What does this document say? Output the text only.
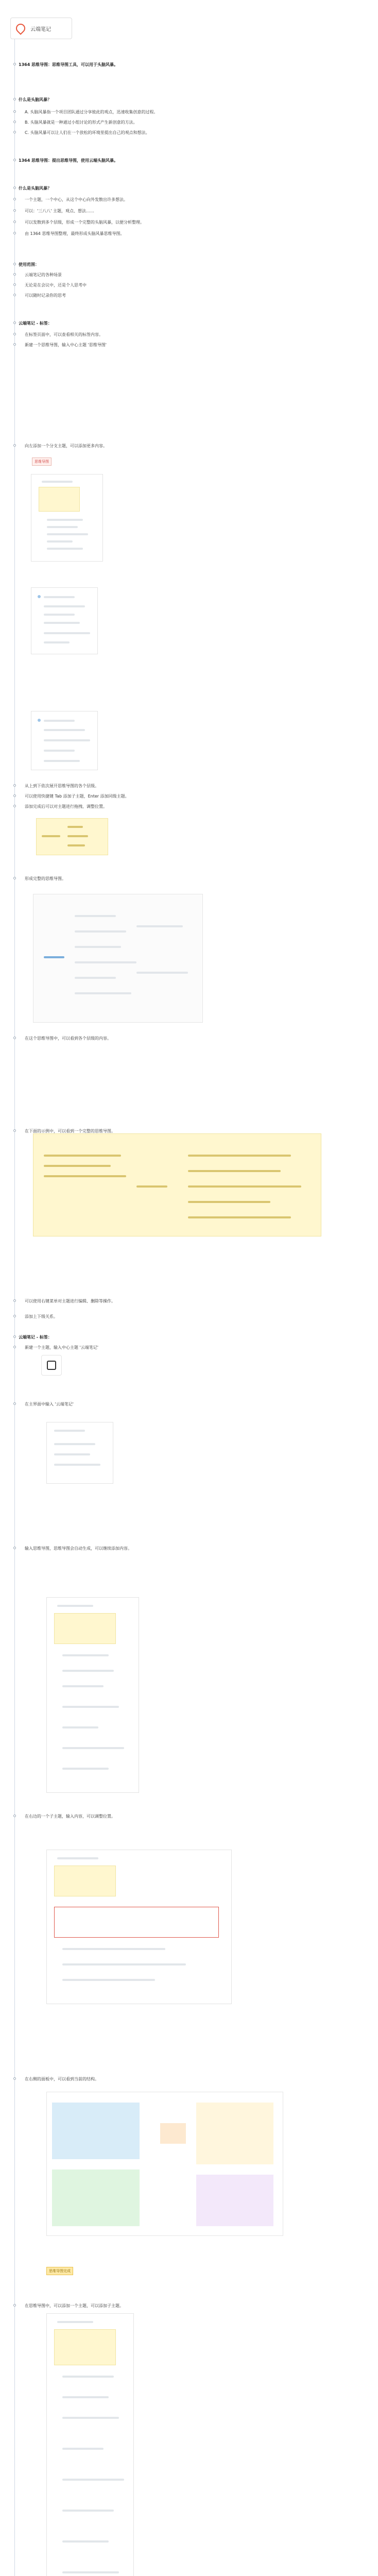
云端笔记
1364 思维导图：思维导图工具，可以用于头脑风暴。
什么是头脑风暴？
A. 头脑风暴指一个项目团队通过分享彼此的观点，迅速收集创意的过程。
B. 头脑风暴就是一种通过小组讨论的形式产生新创意的方法。
C. 头脑风暴可以让人们在一个放松的环境里提出自己的观点和想法。
1364 思维导图：提出思维导图，使用云端头脑风暴。
什么是头脑风暴？
一个主题，一个中心，从这个中心向外发散出许多想法。
可以：'三八八' 主题，观点、想法……
可以发散到多个层级，形成一个完整的头脑风暴，以便分析整理。
由 1364 思维导图整理，最终形成头脑风暴思维导图。
使用范围：
云端笔记的各种场景
无论是在会议中，还是个人思考中
可以随时记录你的思考
云端笔记 - 标签：
在标签页面中，可以查看相关的标签内容。
新建一个思维导图，输入中心主题 '思维导图'
向左添加一个分支主题，可以添加更多内容。
从上到下依次展开思维导图的各个层级。
可以使用快捷键 Tab 添加子主题，Enter 添加同级主题。
添加完成后可以对主题进行拖拽、调整位置。
形成完整的思维导图。
在这个思维导图中，可以看到各个层级的内容。
在下面的示例中，可以看到一个完整的思维导图。
可以使用右键菜单对主题进行编辑、删除等操作。
添加上下级关系。
云端笔记 - 标签：
新建一个主题，输入中心主题 '云端笔记'
在主界面中输入 '云端笔记'
输入思维导图，思维导图会自动生成，可以继续添加内容。
在右边的一个子主题，输入内容，可以调整位置。
在右侧的面板中，可以看到当前的结构。
在思维导图中，可以添加一个主题，可以添加子主题。
思维导图
思维导图完成
